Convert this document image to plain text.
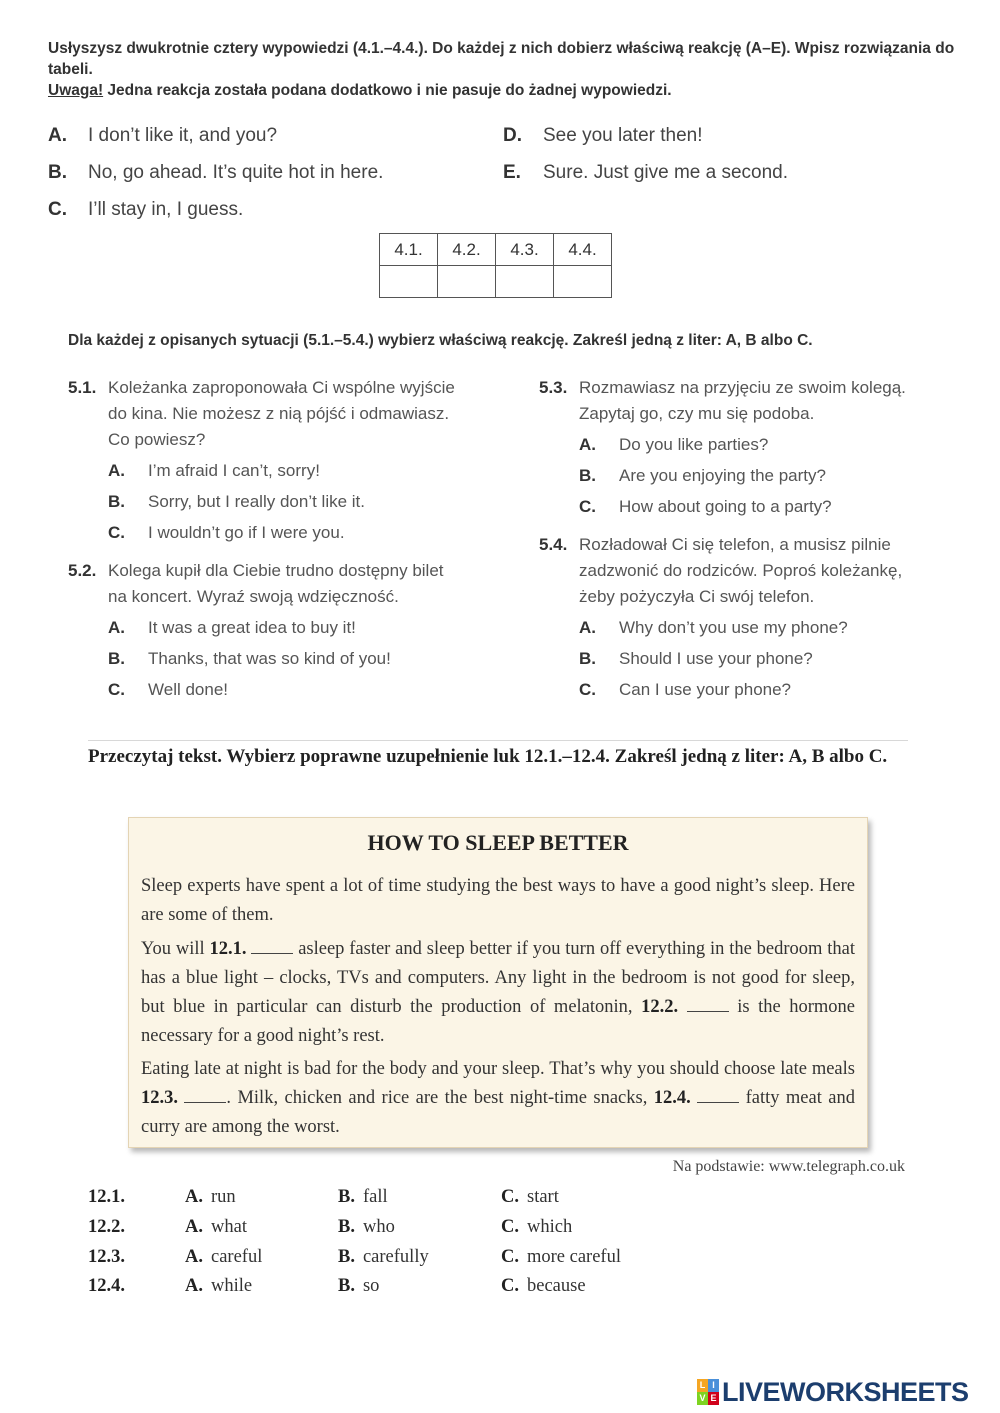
Usłyszysz dwukrotnie cztery wypowiedzi (4.1.–4.4.). Do każdej z nich dobierz właściwą reakcję (A–E). Wpisz rozwiązania do tabeli.
Uwaga! Jedna reakcja została podana dodatkowo i nie pasuje do żadnej wypowiedzi.
A. I don’t like it, and you?
B. No, go ahead. It’s quite hot in here.
C. I’ll stay in, I guess.
D. See you later then!
E. Sure. Just give me a second.
4.1.	4.2.	4.3.	4.4.

Dla każdej z opisanych sytuacji (5.1.–5.4.) wybierz właściwą reakcję. Zakreśl jedną z liter: A, B albo C.
5.1. Koleżanka zaproponowała Ci wspólne wyjście
do kina. Nie możesz z nią pójść i odmawiasz.
Co powiesz?
A. I’m afraid I can’t, sorry!
B. Sorry, but I really don’t like it.
C. I wouldn’t go if I were you.
5.2. Kolega kupił dla Ciebie trudno dostępny bilet
na koncert. Wyraź swoją wdzięczność.
A. It was a great idea to buy it!
B. Thanks, that was so kind of you!
C. Well done!
5.3. Rozmawiasz na przyjęciu ze swoim kolegą.
Zapytaj go, czy mu się podoba.
A. Do you like parties?
B. Are you enjoying the party?
C. How about going to a party?
5.4. Rozładował Ci się telefon, a musisz pilnie
zadzwonić do rodziców. Poproś koleżankę,
żeby pożyczyła Ci swój telefon.
A. Why don’t you use my phone?
B. Should I use your phone?
C. Can I use your phone?
Przeczytaj tekst. Wybierz poprawne uzupełnienie luk 12.1.–12.4. Zakreśl jedną z liter: A, B albo C.
HOW TO SLEEP BETTER
Sleep experts have spent a lot of time studying the best ways to have a good night’s sleep. Here are some of them.
You will 12.1.	asleep faster and sleep better if you turn off everything in the bedroom that has a blue light – clocks, TVs and computers. Any light in the bedroom is not good for sleep, but blue in particular can disturb the production of melatonin, 12.2.	is the hormone necessary for a good night’s rest.
Eating late at night is bad for the body and your sleep. That’s why you should choose late meals 12.3.	. Milk, chicken and rice are the best night-time snacks, 12.4.	fatty meat and curry are among the worst.
Na podstawie: www.telegraph.co.uk
12.1.	A. run	B. fall	C. start
12.2.	A. what	B. who	C. which
12.3.	A. careful	B. carefully	C. more careful
12.4.	A. while	B. so	C. because
L I
V E LIVEWORKSHEETS
